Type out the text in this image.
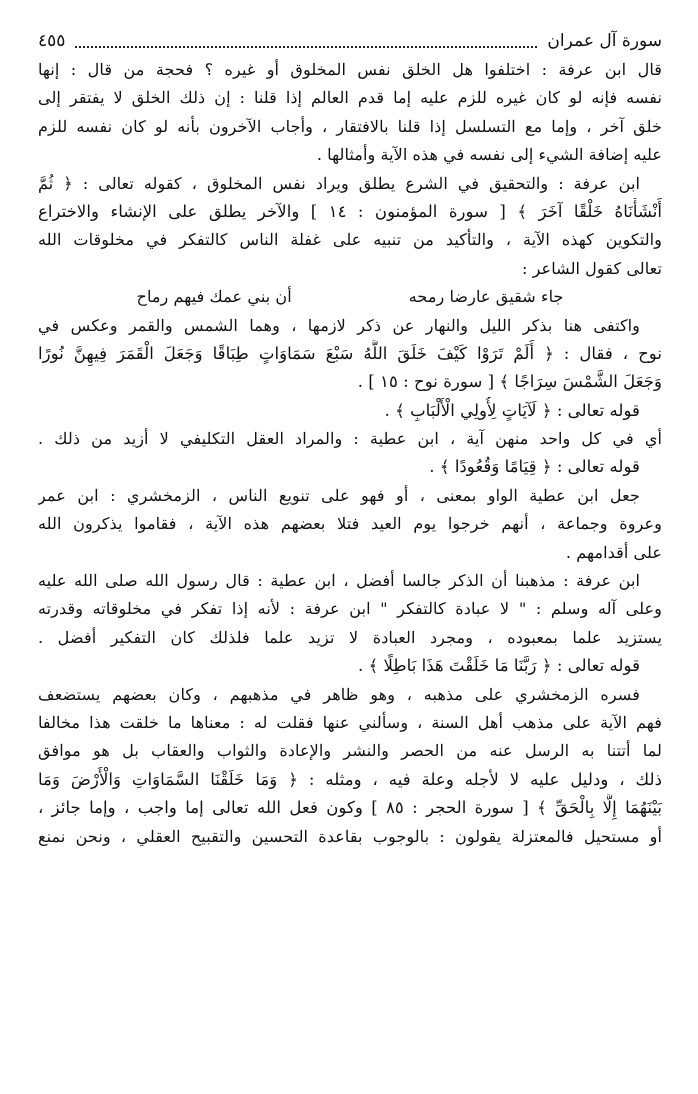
سورة آل عمران
٤٥٥
قال ابن عرفة : اختلفوا هل الخلق نفس المخلوق أو غيره ؟ فحجة من قال : إنها
نفسه فإنه لو كان غيره للزم عليه إما قدم العالم إذا قلنا : إن ذلك الخلق لا يفتقر إلى
خلق آخر ، وإما مع التسلسل إذا قلنا بالافتقار ، وأجاب الآخرون بأنه لو كان نفسه للزم
عليه إضافة الشيء إلى نفسه في هذه الآية وأمثالها .
ابن عرفة : والتحقيق في الشرع يطلق ويراد نفس المخلوق ، كقوله تعالى : ﴿ ثُمَّ
أَنْشَأْنَاهُ خَلْقًا آخَرَ ﴾ [ سورة المؤمنون : ١٤ ] والآخر يطلق على الإنشاء والاختراع
والتكوين كهذه الآية ، والتأكيد من تنبيه على غفلة الناس كالتفكر في مخلوقات الله
تعالى كقول الشاعر :
جاء شقيق عارضا رمحه
أن بني عمك فيهم رماح
واكتفى هنا بذكر الليل والنهار عن ذكر لازمها ، وهما الشمس والقمر وعكس في
نوح ، فقال : ﴿ أَلَمْ تَرَوْا كَيْفَ خَلَقَ اللَّهُ سَبْعَ سَمَاوَاتٍ طِبَاقًا وَجَعَلَ الْقَمَرَ فِيهِنَّ نُورًا
وَجَعَلَ الشَّمْسَ سِرَاجًا ﴾ [ سورة نوح : ١٥ ] .
قوله تعالى : ﴿ لَآيَاتٍ لِأُولِي الْأَلْبَابِ ﴾ .
أي في كل واحد منهن آية ، ابن عطية : والمراد العقل التكليفي لا أزيد من ذلك .
قوله تعالى : ﴿ قِيَامًا وَقُعُودًا ﴾ .
جعل ابن عطية الواو بمعنى ، أو فهو على تنويع الناس ، الزمخشري : ابن عمر
وعروة وجماعة ، أنهم خرجوا يوم العيد فتلا بعضهم هذه الآية ، فقاموا يذكرون الله
على أقدامهم .
ابن عرفة : مذهبنا أن الذكر جالسا أفضل ، ابن عطية : قال رسول الله صلى الله عليه
وعلى آله وسلم : " لا عبادة كالتفكر " ابن عرفة : لأنه إذا تفكر في مخلوقاته وقدرته
يستزيد علما بمعبوده ، ومجرد العبادة لا تزيد علما فلذلك كان التفكير أفضل .
قوله تعالى : ﴿ رَبَّنَا مَا خَلَقْتَ هَذَا بَاطِلًا ﴾ .
فسره الزمخشري على مذهبه ، وهو ظاهر في مذهبهم ، وكان بعضهم يستضعف
فهم الآية على مذهب أهل السنة ، وسألني عنها فقلت له : معناها ما خلقت هذا مخالفا
لما أتتنا به الرسل عنه من الحصر والنشر والإعادة والثواب والعقاب بل هو موافق
ذلك ، ودليل عليه لا لأجله وعلة فيه ، ومثله : ﴿ وَمَا خَلَقْنَا السَّمَاوَاتِ وَالْأَرْضَ وَمَا
بَيْنَهُمَا إِلَّا بِالْحَقِّ ﴾ [ سورة الحجر : ٨٥ ] وكون فعل الله تعالى إما واجب ، وإما جائز ،
أو مستحيل فالمعتزلة يقولون : بالوجوب بقاعدة التحسين والتقبيح العقلي ، ونحن نمنع
